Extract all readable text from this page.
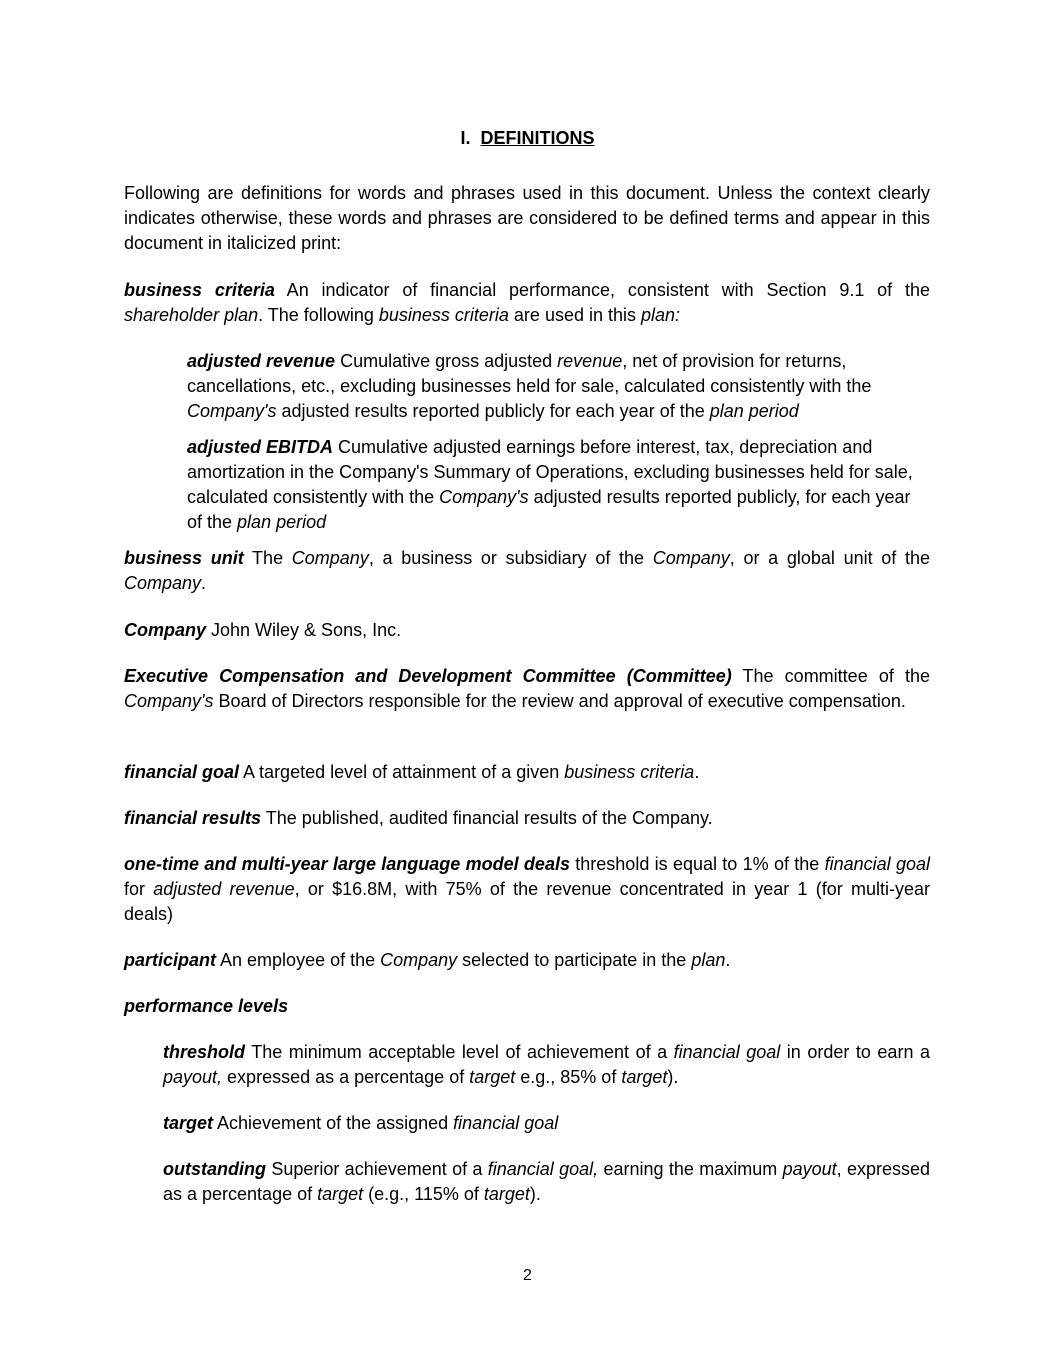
I. DEFINITIONS

Following are definitions for words and phrases used in this document. Unless the context clearly indicates otherwise, these words and phrases are considered to be defined terms and appear in this document in italicized print:

business criteria An indicator of financial performance, consistent with Section 9.1 of the shareholder plan. The following business criteria are used in this plan:

adjusted revenue Cumulative gross adjusted revenue, net of provision for returns, cancellations, etc., excluding businesses held for sale, calculated consistently with the Company's adjusted results reported publicly for each year of the plan period

adjusted EBITDA Cumulative adjusted earnings before interest, tax, depreciation and amortization in the Company's Summary of Operations, excluding businesses held for sale, calculated consistently with the Company's adjusted results reported publicly, for each year of the plan period

business unit The Company, a business or subsidiary of the Company, or a global unit of the Company.

Company John Wiley & Sons, Inc.

Executive Compensation and Development Committee (Committee) The committee of the Company's Board of Directors responsible for the review and approval of executive compensation.

financial goal A targeted level of attainment of a given business criteria.

financial results The published, audited financial results of the Company.

one-time and multi-year large language model deals threshold is equal to 1% of the financial goal for adjusted revenue, or $16.8M, with 75% of the revenue concentrated in year 1 (for multi-year deals)

participant An employee of the Company selected to participate in the plan.

performance levels

threshold The minimum acceptable level of achievement of a financial goal in order to earn a payout, expressed as a percentage of target e.g., 85% of target).

target Achievement of the assigned financial goal

outstanding Superior achievement of a financial goal, earning the maximum payout, expressed as a percentage of target (e.g., 115% of target).

2
